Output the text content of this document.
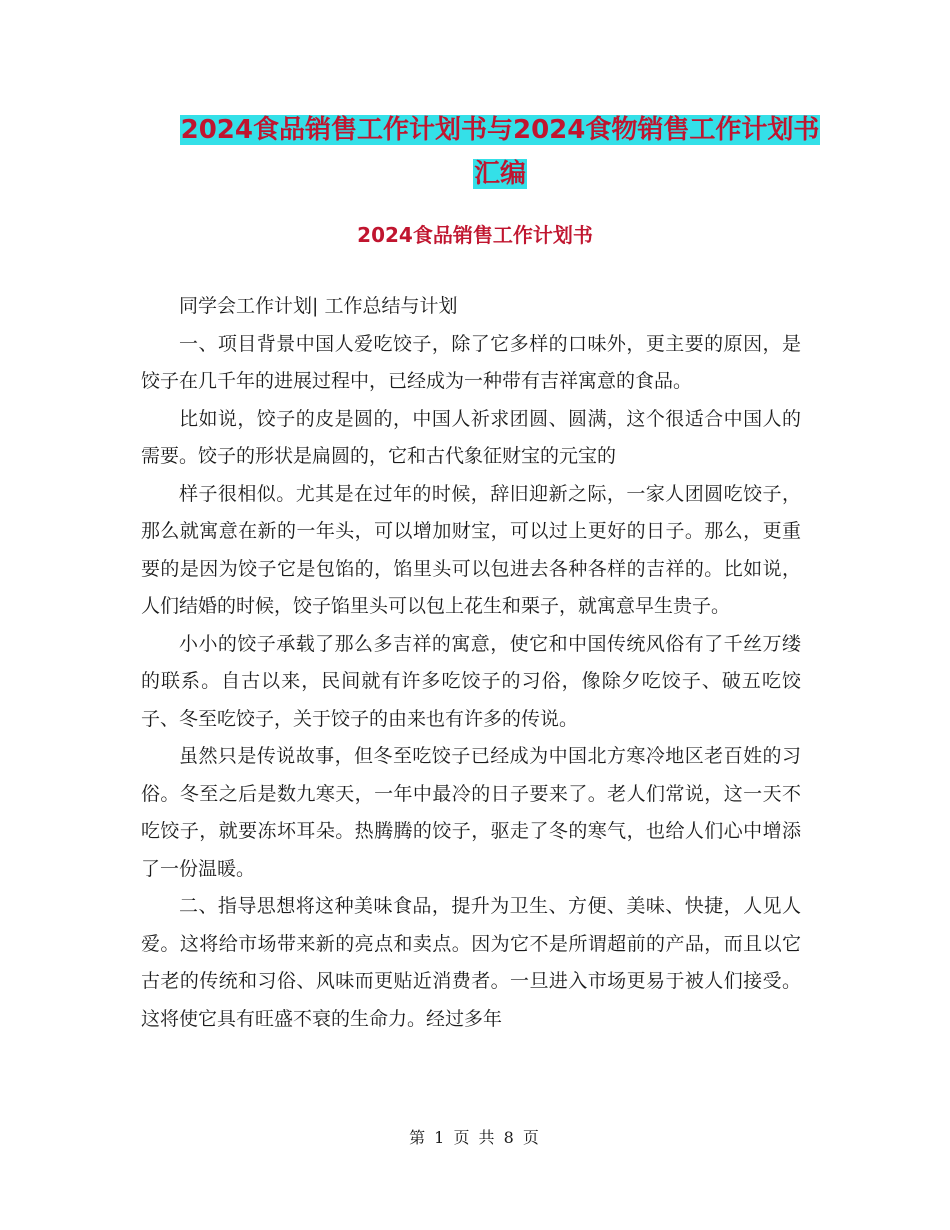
2024食品销售工作计划书与2024食物销售工作计划书
汇编
2024食品销售工作计划书

同学会工作计划| 工作总结与计划

一、项目背景中国人爱吃饺子，除了它多样的口味外，更主要的原因，是饺子在几千年的进展过程中，已经成为一种带有吉祥寓意的食品。

比如说，饺子的皮是圆的，中国人祈求团圆、圆满，这个很适合中国人的需要。饺子的形状是扁圆的，它和古代象征财宝的元宝的

样子很相似。尤其是在过年的时候，辞旧迎新之际，一家人团圆吃饺子，那么就寓意在新的一年头，可以增加财宝，可以过上更好的日子。那么，更重要的是因为饺子它是包馅的，馅里头可以包进去各种各样的吉祥的。比如说，人们结婚的时候，饺子馅里头可以包上花生和栗子，就寓意早生贵子。

小小的饺子承载了那么多吉祥的寓意，使它和中国传统风俗有了千丝万缕的联系。自古以来，民间就有许多吃饺子的习俗，像除夕吃饺子、破五吃饺子、冬至吃饺子，关于饺子的由来也有许多的传说。

虽然只是传说故事，但冬至吃饺子已经成为中国北方寒冷地区老百姓的习俗。冬至之后是数九寒天，一年中最冷的日子要来了。老人们常说，这一天不吃饺子，就要冻坏耳朵。热腾腾的饺子，驱走了冬的寒气，也给人们心中增添了一份温暖。

二、指导思想将这种美味食品，提升为卫生、方便、美味、快捷，人见人爱。这将给市场带来新的亮点和卖点。因为它不是所谓超前的产品，而且以它古老的传统和习俗、风味而更贴近消费者。一旦进入市场更易于被人们接受。这将使它具有旺盛不衰的生命力。经过多年

第 1 页 共 8 页
